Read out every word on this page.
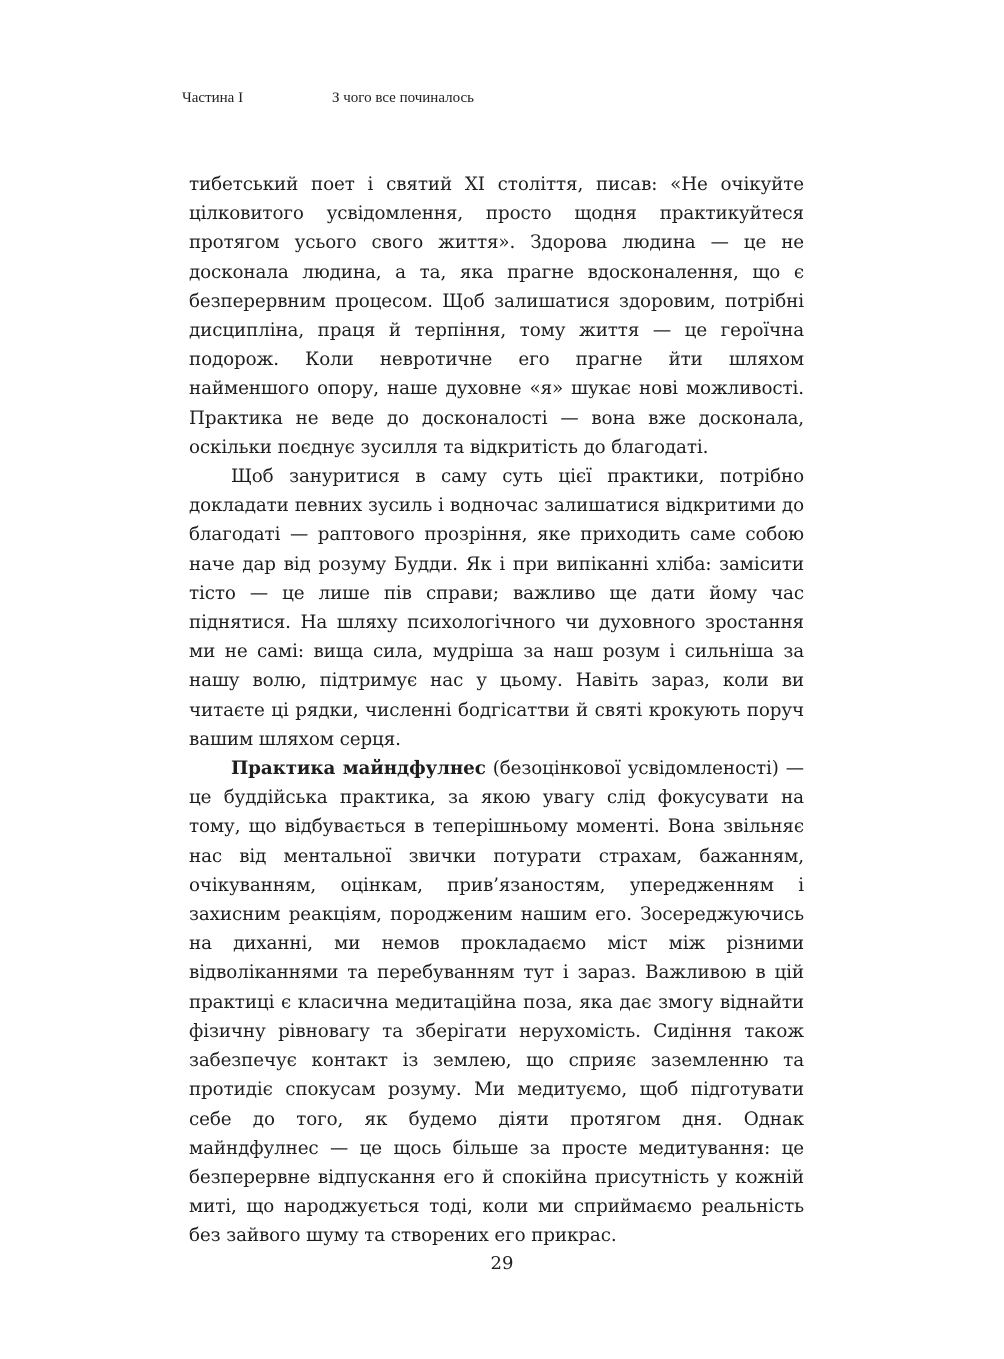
Частина I	З чого все починалось

тибетський поет і святий XI століття, писав: «Не очікуйте цілковитого усвідомлення, просто щодня практикуйтеся протягом усього свого життя». Здорова людина — це не досконала людина, а та, яка прагне вдосконалення, що є безперервним процесом. Щоб залишатися здоровим, потрібні дисципліна, праця й терпіння, тому життя — це героїчна подорож. Коли невротичне его прагне йти шляхом найменшого опору, наше духовне «я» шукає нові можливості. Практика не веде до досконалості — вона вже досконала, оскільки поєднує зусилля та відкритість до благодаті.

Щоб зануритися в саму суть цієї практики, потрібно докладати певних зусиль і водночас залишатися відкритими до благодаті — раптового прозріння, яке приходить саме собою наче дар від розуму Будди. Як і при випіканні хліба: замісити тісто — це лише пів справи; важливо ще дати йому час піднятися. На шляху психологічного чи духовного зростання ми не самі: вища сила, мудріша за наш розум і сильніша за нашу волю, підтримує нас у цьому. Навіть зараз, коли ви читаєте ці рядки, численні бодгісаттви й святі крокують поруч вашим шляхом серця.

Практика майндфулнес (безоцінкової усвідомленості) — це буддійська практика, за якою увагу слід фокусувати на тому, що відбувається в теперішньому моменті. Вона звільняє нас від ментальної звички потурати страхам, бажанням, очікуванням, оцінкам, прив’язаностям, упередженням і захисним реакціям, породженим нашим его. Зосереджуючись на диханні, ми немов прокладаємо міст між різними відволіканнями та перебуванням тут і зараз. Важливою в цій практиці є класична медитаційна поза, яка дає змогу віднайти фізичну рівновагу та зберігати нерухомість. Сидіння також забезпечує контакт із землею, що сприяє заземленню та протидіє спокусам розуму. Ми медитуємо, щоб підготувати себе до того, як будемо діяти протягом дня. Однак майндфулнес — це щось більше за просте медитування: це безперервне відпускання его й спокійна присутність у кожній миті, що народжується тоді, коли ми сприймаємо реальність без зайвого шуму та створених его прикрас.

29
